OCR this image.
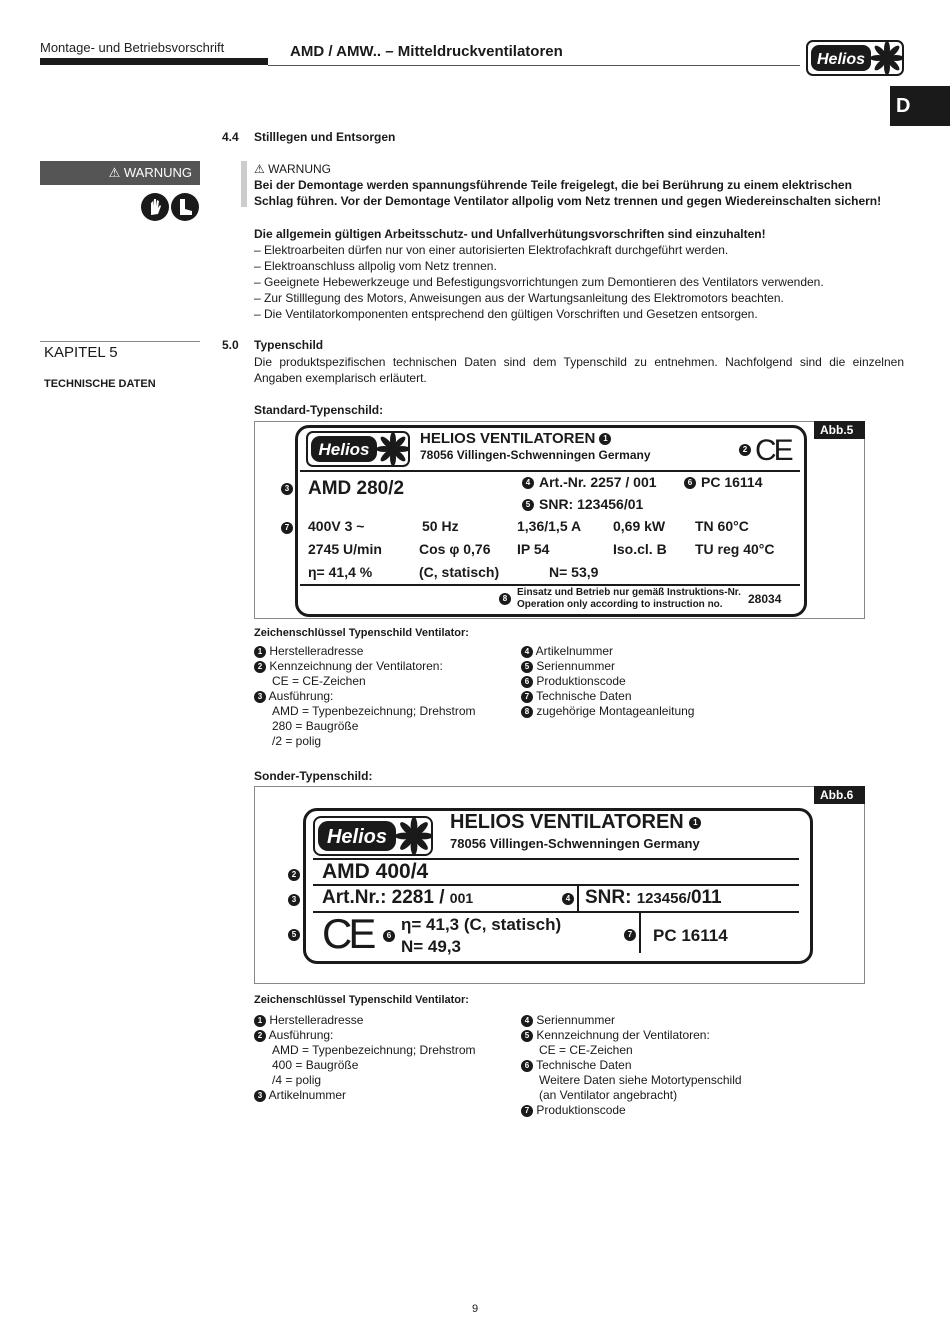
Montage- und Betriebsvorschrift	AMD / AMW.. – Mitteldruckventilatoren	Helios
D
⚠ WARNUNG
4.4 Stilllegen und Entsorgen
⚠ WARNUNG
Bei der Demontage werden spannungsführende Teile freigelegt, die bei Berührung zu einem elektrischen
Schlag führen. Vor der Demontage Ventilator allpolig vom Netz trennen und gegen Wiedereinschalten sichern!
Die allgemein gültigen Arbeitsschutz- und Unfallverhütungsvorschriften sind einzuhalten!
– Elektroarbeiten dürfen nur von einer autorisierten Elektrofachkraft durchgeführt werden.
– Elektroanschluss allpolig vom Netz trennen.
– Geeignete Hebewerkzeuge und Befestigungsvorrichtungen zum Demontieren des Ventilators verwenden.
– Zur Stilllegung des Motors, Anweisungen aus der Wartungsanleitung des Elektromotors beachten.
– Die Ventilatorkomponenten entsprechend den gültigen Vorschriften und Gesetzen entsorgen.
KAPITEL 5
TECHNISCHE DATEN
5.0 Typenschild
Die produktspezifischen technischen Daten sind dem Typenschild zu entnehmen. Nachfolgend sind die einzelnen
Angaben exemplarisch erläutert.
Standard-Typenschild:
Abb.5
Helios
HELIOS VENTILATOREN 1
78056 Villingen-Schwenningen Germany	2 CE
3 AMD 280/2	4 Art.-Nr. 2257 / 001	6 PC 16114
5 SNR: 123456/01
7 400V 3 ~	50 Hz	1,36/1,5 A 0,69 kW TN 60°C
2745 U/min	Cos φ 0,76 IP 54	Iso.cl. B TU reg 40°C
η= 41,4 %	(C, statisch)	N= 53,9
8
Einsatz und Betrieb nur gemäß Instruktions-Nr.
Operation only according to instruction no. 28034
Zeichenschlüssel Typenschild Ventilator:
1 Herstelleradresse
2 Kennzeichnung der Ventilatoren:
CE = CE-Zeichen
3 Ausführung:
AMD = Typenbezeichnung; Drehstrom
280 = Baugröße
/2 = polig
4 Artikelnummer
5 Seriennummer
6 Produktionscode
7 Technische Daten
8 zugehörige Montageanleitung
Sonder-Typenschild:
Abb.6
Helios
HELIOS VENTILATOREN 1
78056 Villingen-Schwenningen Germany
2 AMD 400/4
3 Art.Nr.: 2281 / 001	4 SNR: 123456/011
5 CE	6
η= 41,3 (C, statisch)
N= 49,3
7 PC 16114
Zeichenschlüssel Typenschild Ventilator:
1 Herstelleradresse
2 Ausführung:
AMD = Typenbezeichnung; Drehstrom
400 = Baugröße
/4 = polig
3 Artikelnummer
4 Seriennummer
5 Kennzeichnung der Ventilatoren:
CE = CE-Zeichen
6 Technische Daten
Weitere Daten siehe Motortypenschild
(an Ventilator angebracht)
7 Produktionscode
9
